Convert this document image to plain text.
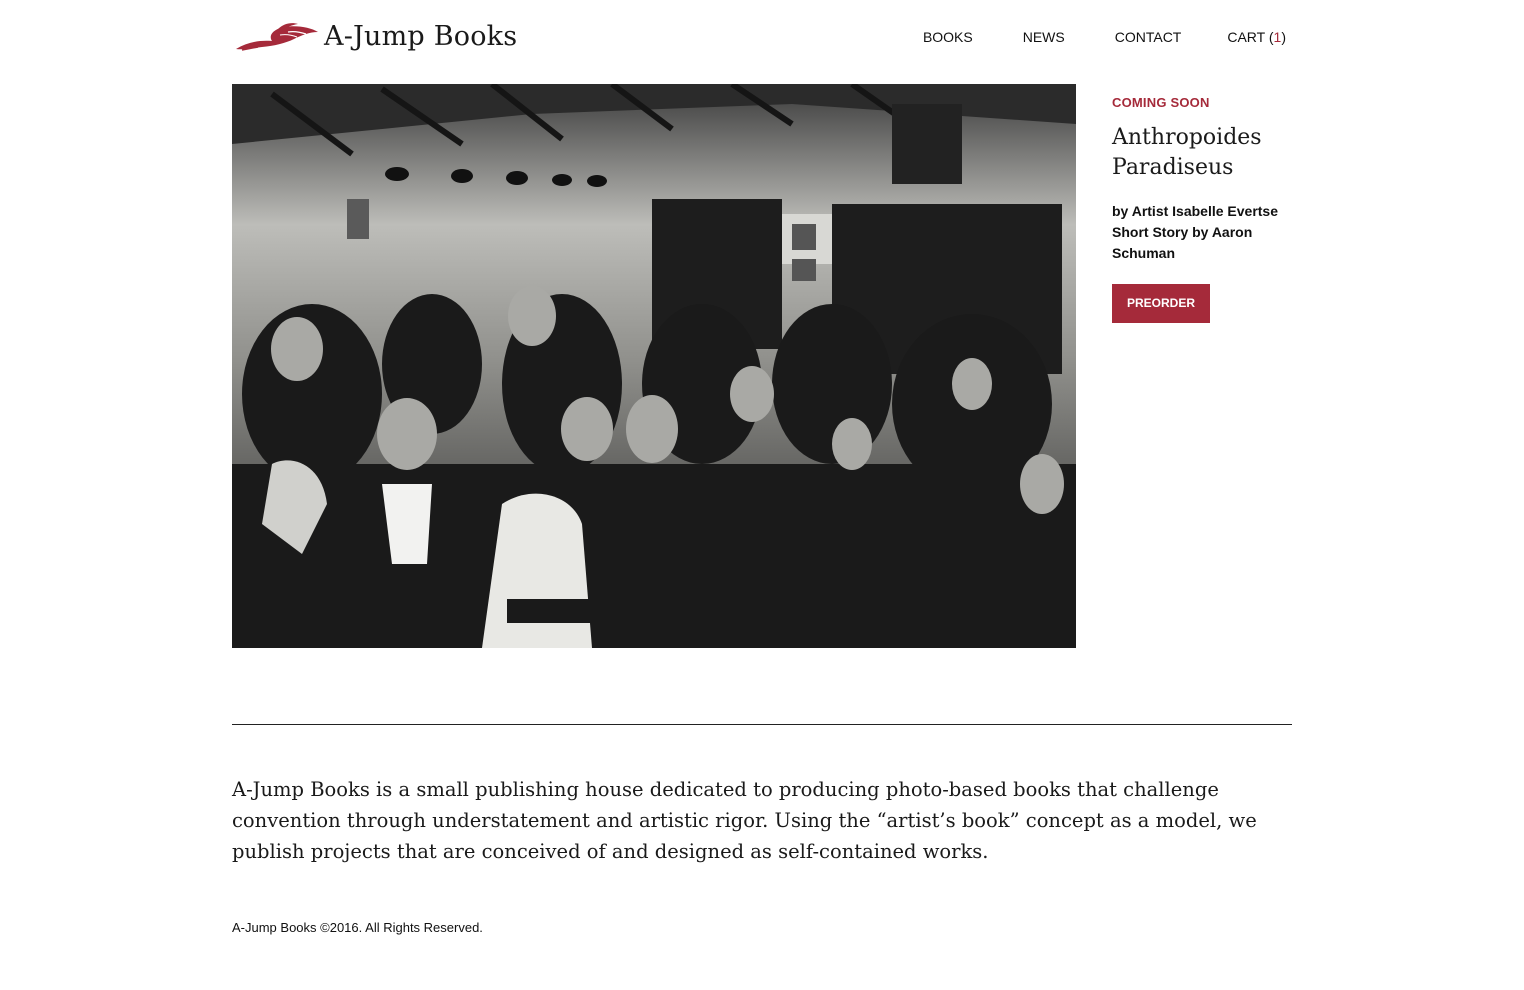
A-Jump Books	BOOKS	NEWS	CONTACT	CART (1)
COMING SOON
Anthropoides Paradiseus
by Artist Isabelle Evertse
Short Story by Aaron Schuman
PREORDER

A-Jump Books is a small publishing house dedicated to producing photo-based books that challenge convention through understatement and artistic rigor. Using the “artist’s book” concept as a model, we publish projects that are conceived of and designed as self-contained works.

A-Jump Books ©2016. All Rights Reserved.
